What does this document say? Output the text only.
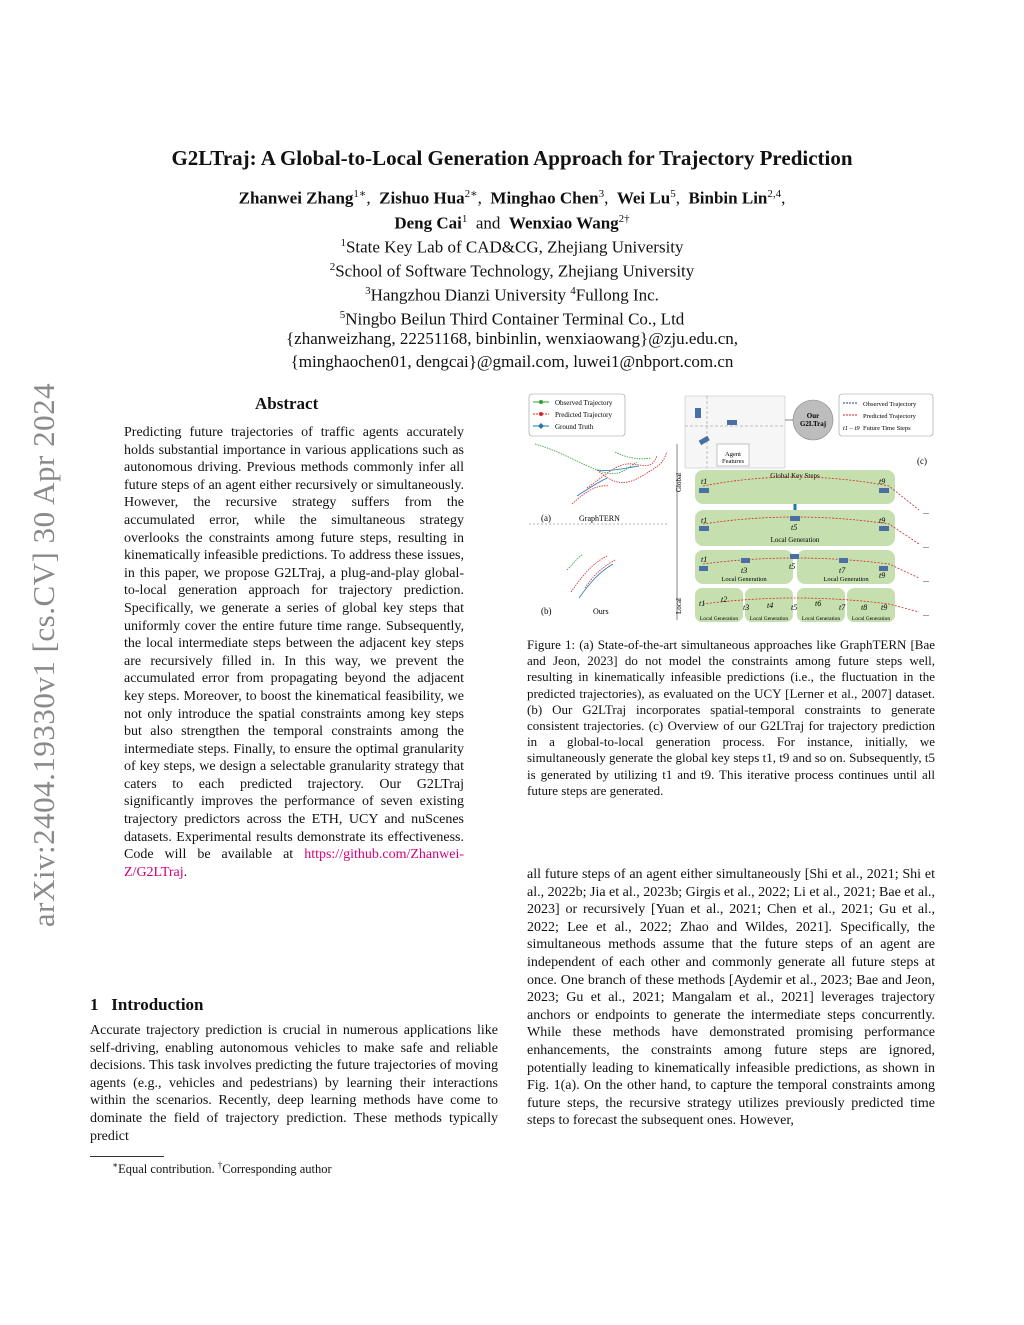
arXiv:2404.19330v1 [cs.CV] 30 Apr 2024
G2LTraj: A Global-to-Local Generation Approach for Trajectory Prediction
Zhanwei Zhang$^{1∗}$,  Zishuo Hua$^{2∗}$,  Minghao Chen$^3$,  Wei Lu$^5$,  Binbin Lin$^{2,4}$,
Deng Cai$^1$ and Wenxiao Wang$^{2\dagger}$
$^1$State Key Lab of CAD&CG, Zhejiang University
$^2$School of Software Technology, Zhejiang University
$^3$Hangzhou Dianzi University $^4$Fullong Inc.
$^5$Ningbo Beilun Third Container Terminal Co., Ltd
{zhanweizhang, 22251168, binbinlin, wenxiaowang}@zju.edu.cn,
{minghaochen01, dengcai}@gmail.com, luwei1@nbport.com.cn
Abstract
Predicting future trajectories of traffic agents accurately holds substantial importance in various applications such as autonomous driving. Previous methods commonly infer all future steps of an agent either recursively or simultaneously. However, the recursive strategy suffers from the accumulated error, while the simultaneous strategy overlooks the constraints among future steps, resulting in kinematically infeasible predictions. To address these issues, in this paper, we propose G2LTraj, a plug-and-play global-to-local generation approach for trajectory prediction. Specifically, we generate a series of global key steps that uniformly cover the entire future time range. Subsequently, the local intermediate steps between the adjacent key steps are recursively filled in. In this way, we prevent the accumulated error from propagating beyond the adjacent key steps. Moreover, to boost the kinematical feasibility, we not only introduce the spatial constraints among key steps but also strengthen the temporal constraints among the intermediate steps. Finally, to ensure the optimal granularity of key steps, we design a selectable granularity strategy that caters to each predicted trajectory. Our G2LTraj significantly improves the performance of seven existing trajectory predictors across the ETH, UCY and nuScenes datasets. Experimental results demonstrate its effectiveness. Code will be available at https://github.com/Zhanwei-Z/G2LTraj.
1 Introduction
Accurate trajectory prediction is crucial in numerous applications like self-driving, enabling autonomous vehicles to make safe and reliable decisions. This task involves predicting the future trajectories of moving agents (e.g., vehicles and pedestrians) by learning their interactions within the scenarios. Recently, deep learning methods have come to dominate the field of trajectory prediction. These methods typically predict
∗Equal contribution. †Corresponding author
Observed Trajectory
Predicted Trajectory
Ground Truth
(a)	GraphTERN
(b)	Ours
Global
Local
Agent
Features
Our
G2LTraj
Observed Trajectory
Predicted Trajectory
t1 – t9 Future Time Steps
(c)
Global Key Steps
t1	t9
...
t1
t5
t9
Local Generation
...
t1
t3	t5	t7
t9
Local Generation	Local Generation	...
t1 t2
t3 t4 t5 t6 t7 t8 t9
Local Generation Local Generation Local Generation Local Generation
...
Figure 1: (a) State-of-the-art simultaneous approaches like GraphTERN [Bae and Jeon, 2023] do not model the constraints among future steps well, resulting in kinematically infeasible predictions (i.e., the fluctuation in the predicted trajectories), as evaluated on the UCY [Lerner et al., 2007] dataset. (b) Our G2LTraj incorporates spatial-temporal constraints to generate consistent trajectories. (c) Overview of our G2LTraj for trajectory prediction in a global-to-local generation process. For instance, initially, we simultaneously generate the global key steps t1, t9 and so on. Subsequently, t5 is generated by utilizing t1 and t9. This iterative process continues until all future steps are generated.
all future steps of an agent either simultaneously [Shi et al., 2021; Shi et al., 2022b; Jia et al., 2023b; Girgis et al., 2022; Li et al., 2021; Bae et al., 2023] or recursively [Yuan et al., 2021; Chen et al., 2021; Gu et al., 2022; Lee et al., 2022; Zhao and Wildes, 2021]. Specifically, the simultaneous methods assume that the future steps of an agent are independent of each other and commonly generate all future steps at once. One branch of these methods [Aydemir et al., 2023; Bae and Jeon, 2023; Gu et al., 2021; Mangalam et al., 2021] leverages trajectory anchors or endpoints to generate the intermediate steps concurrently. While these methods have demonstrated promising performance enhancements, the constraints among future steps are ignored, potentially leading to kinematically infeasible predictions, as shown in Fig. 1(a). On the other hand, to capture the temporal constraints among future steps, the recursive strategy utilizes previously predicted time steps to forecast the subsequent ones. However,
